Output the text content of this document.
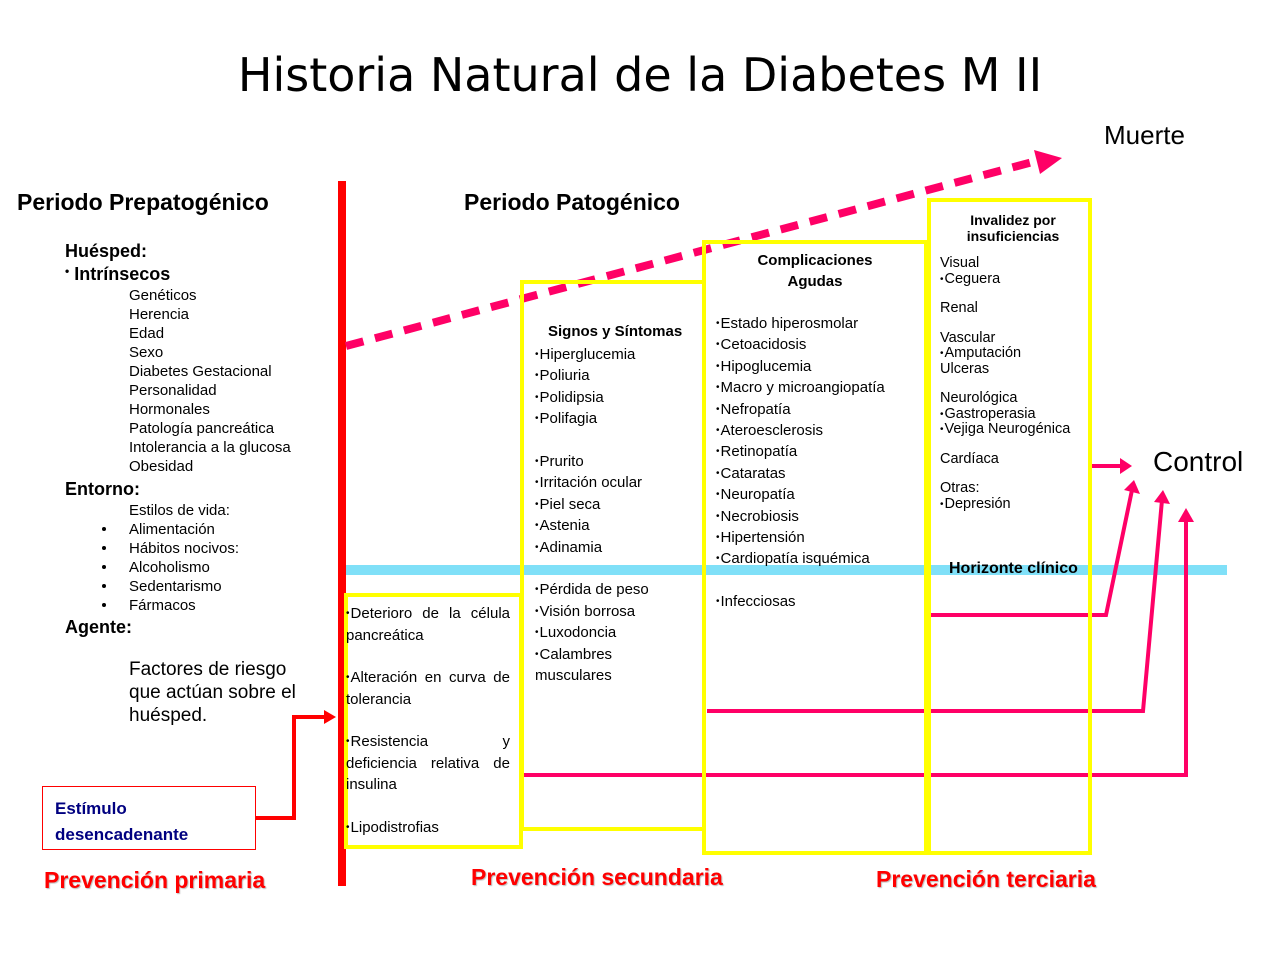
Historia Natural de la Diabetes M II
Muerte
Control
Periodo Prepatogénico	Periodo Patogénico
Huésped:
• Intrínsecos
Genéticos
Herencia
Edad
Sexo
Diabetes Gestacional
Personalidad
Hormonales
Patología pancreática
Intolerancia a la glucosa
Obesidad
Entorno:
Estilos de vida:
Alimentación
Hábitos nocivos:
Alcoholismo
Sedentarismo
Fármacos
Agente:
Factores de riesgo
que actúan sobre el
huésped.
Estímulo
desencadenante
• Deterioro de la célula pancreática
• Alteración en curva de tolerancia
• Resistencia y deficiencia relativa de insulina
• Lipodistrofias
Signos y Síntomas
• Hiperglucemia
• Poliuria
• Polidipsia
• Polifagia
• Prurito
• Irritación ocular
• Piel seca
• Astenia
• Adinamia
• Pérdida de peso
• Visión borrosa
• Luxodoncia
• Calambres
musculares
Complicaciones
Agudas
• Estado hiperosmolar
• Cetoacidosis
• Hipoglucemia
• Macro y microangiopatía
• Nefropatía
• Ateroesclerosis
• Retinopatía
• Cataratas
• Neuropatía
• Necrobiosis
• Hipertensión
• Cardiopatía isquémica
• Infecciosas
Invalidez por
insuficiencias
Visual
• Ceguera
Renal
Vascular
• Amputación
Ulceras
Neurológica
• Gastroperasia
• Vejiga Neurogénica
Cardíaca
Otras:
• Depresión
Horizonte clínico
Prevención primaria	Prevención secundaria	Prevención terciaria
